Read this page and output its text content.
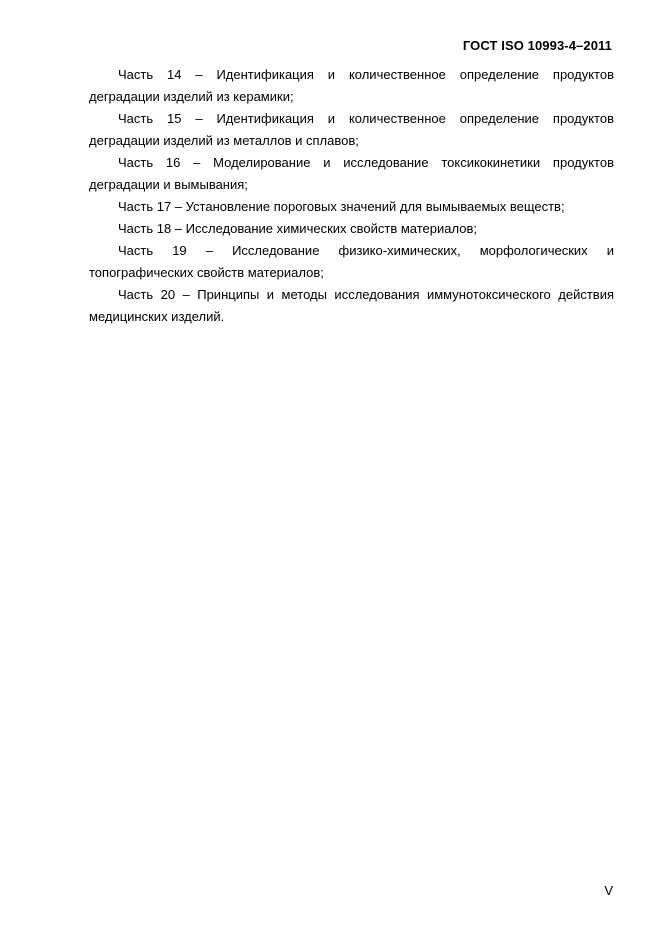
ГОСТ ISO 10993-4–2011

Часть 14 – Идентификация и количественное определение продуктов деградации изделий из керамики;

Часть 15 – Идентификация и количественное определение продуктов деградации изделий из металлов и сплавов;

Часть 16 – Моделирование и исследование токсикокинетики продуктов деградации и вымывания;

Часть 17 – Установление пороговых значений для вымываемых веществ;

Часть 18 – Исследование химических свойств материалов;

Часть 19 – Исследование физико-химических, морфологических и топографических свойств материалов;

Часть 20 – Принципы и методы исследования иммунотоксического действия медицинских изделий.

V
